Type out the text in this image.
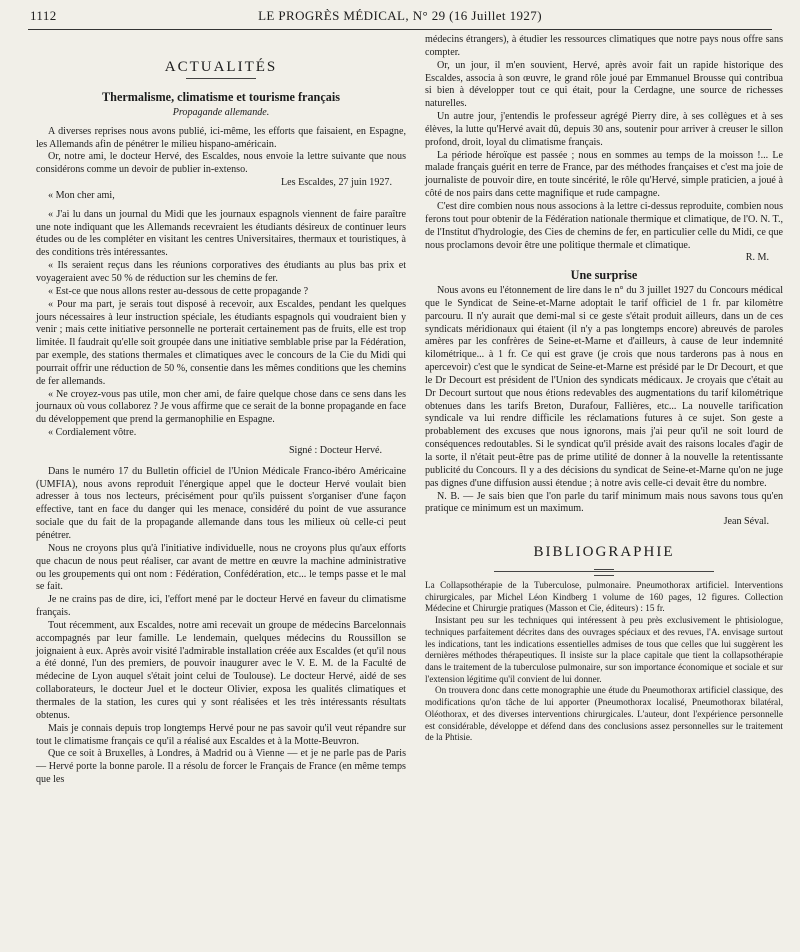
1112	LE PROGRÈS MÉDICAL, N° 29 (16 Juillet 1927)
ACTUALITÉS
Thermalisme, climatisme et tourisme français
Propagande allemande.

A diverses reprises nous avons publié, ici-même, les efforts que faisaient, en Espagne, les Allemands afin de pénétrer le milieu hispano-américain.

Or, notre ami, le docteur Hervé, des Escaldes, nous envoie la lettre suivante que nous considérons comme un devoir de publier in-extenso.

Les Escaldes, 27 juin 1927.

« Mon cher ami,

« J'ai lu dans un journal du Midi que les journaux espagnols viennent de faire paraître une note indiquant que les Allemands recevraient les étudiants désireux de continuer leurs études ou de les compléter en visitant les centres Universitaires, thermaux et touristiques, à des conditions très intéressantes.

« Ils seraient reçus dans les réunions corporatives des étudiants au plus bas prix et voyageraient avec 50 % de réduction sur les chemins de fer.

« Est-ce que nous allons rester au-dessous de cette propagande ?

« Pour ma part, je serais tout disposé à recevoir, aux Escaldes, pendant les quelques jours nécessaires à leur instruction spéciale, les étudiants espagnols qui voudraient bien y venir ; mais cette initiative personnelle ne porterait certainement pas de fruits, elle est trop limitée. Il faudrait qu'elle soit groupée dans une initiative semblable prise par la Fédération, par exemple, des stations thermales et climatiques avec le concours de la Cie du Midi qui pourrait offrir une réduction de 50 %, consentie dans les mêmes conditions que les chemins de fer allemands.

« Ne croyez-vous pas utile, mon cher ami, de faire quelque chose dans ce sens dans les journaux où vous collaborez ? Je vous affirme que ce serait de la bonne propagande en face du développement que prend la germanophilie en Espagne.

« Cordialement vôtre.

Signé : Docteur Hervé.

Dans le numéro 17 du Bulletin officiel de l'Union Médicale Franco-ibéro Américaine (UMFIA), nous avons reproduit l'énergique appel que le docteur Hervé voulait bien adresser à tous nos lecteurs, précisément pour qu'ils puissent s'organiser d'une façon effective, tant en face du danger qui les menace, considéré du point de vue assurance sociale que du fait de la propagande allemande dans tous les milieux où celle-ci peut pénétrer.

Nous ne croyons plus qu'à l'initiative individuelle, nous ne croyons plus qu'aux efforts que chacun de nous peut réaliser, car avant de mettre en œuvre la machine administrative ou les groupements qui ont nom : Fédération, Confédération, etc... le temps passe et le mal se fait.

Je ne crains pas de dire, ici, l'effort mené par le docteur Hervé en faveur du climatisme français.

Tout récemment, aux Escaldes, notre ami recevait un groupe de médecins Barcelonnais accompagnés par leur famille. Le lendemain, quelques médecins du Roussillon se joignaient à eux. Après avoir visité l'admirable installation créée aux Escaldes (et qu'il nous a été donné, l'un des premiers, de pouvoir inaugurer avec le V. E. M. de la Faculté de médecine de Lyon auquel s'était joint celui de Toulouse). Le docteur Hervé, aidé de ses collaborateurs, le docteur Juel et le docteur Olivier, exposa les qualités climatiques et thermales de la station, les cures qui y sont réalisées et les très intéressants résultats obtenus.

Mais je connais depuis trop longtemps Hervé pour ne pas savoir qu'il veut répandre sur tout le climatisme français ce qu'il a réalisé aux Escaldes et à la Motte-Beuvron.

Que ce soit à Bruxelles, à Londres, à Madrid ou à Vienne — et je ne parle pas de Paris — Hervé porte la bonne parole. Il a résolu de forcer le Français de France (en même temps que les

médecins étrangers), à étudier les ressources climatiques que notre pays nous offre sans compter.

Or, un jour, il m'en souvient, Hervé, après avoir fait un rapide historique des Escaldes, associa à son œuvre, le grand rôle joué par Emmanuel Brousse qui contribua si bien à développer tout ce qui était, pour la Cerdagne, une source de richesses naturelles.

Un autre jour, j'entendis le professeur agrégé Pierry dire, à ses collègues et à ses élèves, la lutte qu'Hervé avait dû, depuis 30 ans, soutenir pour arriver à creuser le sillon profond, droit, loyal du climatisme français.

La période héroïque est passée ; nous en sommes au temps de la moisson !... Le malade français guérit en terre de France, par des méthodes françaises et c'est ma joie de journaliste de pouvoir dire, en toute sincérité, le rôle qu'Hervé, simple praticien, a joué à côté de nos pairs dans cette magnifique et rude campagne.

C'est dire combien nous nous associons à la lettre ci-dessus reproduite, combien nous ferons tout pour obtenir de la Fédération nationale thermique et climatique, de l'O. N. T., de l'Institut d'hydrologie, des Cies de chemins de fer, en particulier celle du Midi, ce que nous proclamons devoir être une politique thermale et climatique.

R. M.

Une surprise

Nous avons eu l'étonnement de lire dans le n° du 3 juillet 1927 du Concours médical que le Syndicat de Seine-et-Marne adoptait le tarif officiel de 1 fr. par kilomètre parcouru. Il n'y aurait que demi-mal si ce geste s'était produit ailleurs, dans un de ces syndicats méridionaux qui étaient (il n'y a pas longtemps encore) abreuvés de paroles amères par les confrères de Seine-et-Marne et d'ailleurs, à cause de leur indemnité kilométrique... à 1 fr. Ce qui est grave (je crois que nous tarderons pas à nous en apercevoir) c'est que le syndicat de Seine-et-Marne est présidé par le Dr Decourt, et que le Dr Decourt est président de l'Union des syndicats médicaux. Je croyais que c'était au Dr Decourt surtout que nous étions redevables des augmentations du tarif kilométrique obtenues dans les tarifs Breton, Durafour, Fallières, etc... La nouvelle tarification syndicale va lui rendre difficile les réclamations futures à ce sujet. Son geste a probablement des excuses que nous ignorons, mais j'ai peur qu'il ne soit lourd de conséquences redoutables. Si le syndicat qu'il préside avait des raisons locales d'agir de la sorte, il n'était peut-être pas de prime utilité de donner à la nouvelle la retentissante publicité du Concours. Il y a des décisions du syndicat de Seine-et-Marne qu'on ne juge pas dignes d'une diffusion aussi étendue ; à notre avis celle-ci devait être du nombre.

N. B. — Je sais bien que l'on parle du tarif minimum mais nous savons tous qu'en pratique ce minimum est un maximum.

Jean Séval.

BIBLIOGRAPHIE

La Collapsothérapie de la Tuberculose, pulmonaire. Pneumothorax artificiel. Interventions chirurgicales, par Michel Léon Kindberg 1 volume de 160 pages, 12 figures. Collection Médecine et Chirurgie pratiques (Masson et Cie, éditeurs) : 15 fr.

Insistant peu sur les techniques qui intéressent à peu près exclusivement le phtisiologue, techniques parfaitement décrites dans des ouvrages spéciaux et des revues, l'A. envisage surtout les indications, tant les indications essentielles admises de tous que celles que lui suggèrent les dernières méthodes thérapeutiques. Il insiste sur la place capitale que tient la collapsothérapie dans le traitement de la tuberculose pulmonaire, sur son importance économique et sociale et sur l'extension légitime qu'il convient de lui donner.

On trouvera donc dans cette monographie une étude du Pneumothorax artificiel classique, des modifications qu'on tâche de lui apporter (Pneumothorax localisé, Pneumothorax bilatéral, Oléothorax, et des diverses interventions chirurgicales. L'auteur, dont l'expérience personnelle est considérable, développe et défend dans des conclusions assez personnelles sur le traitement de la Phtisie.
